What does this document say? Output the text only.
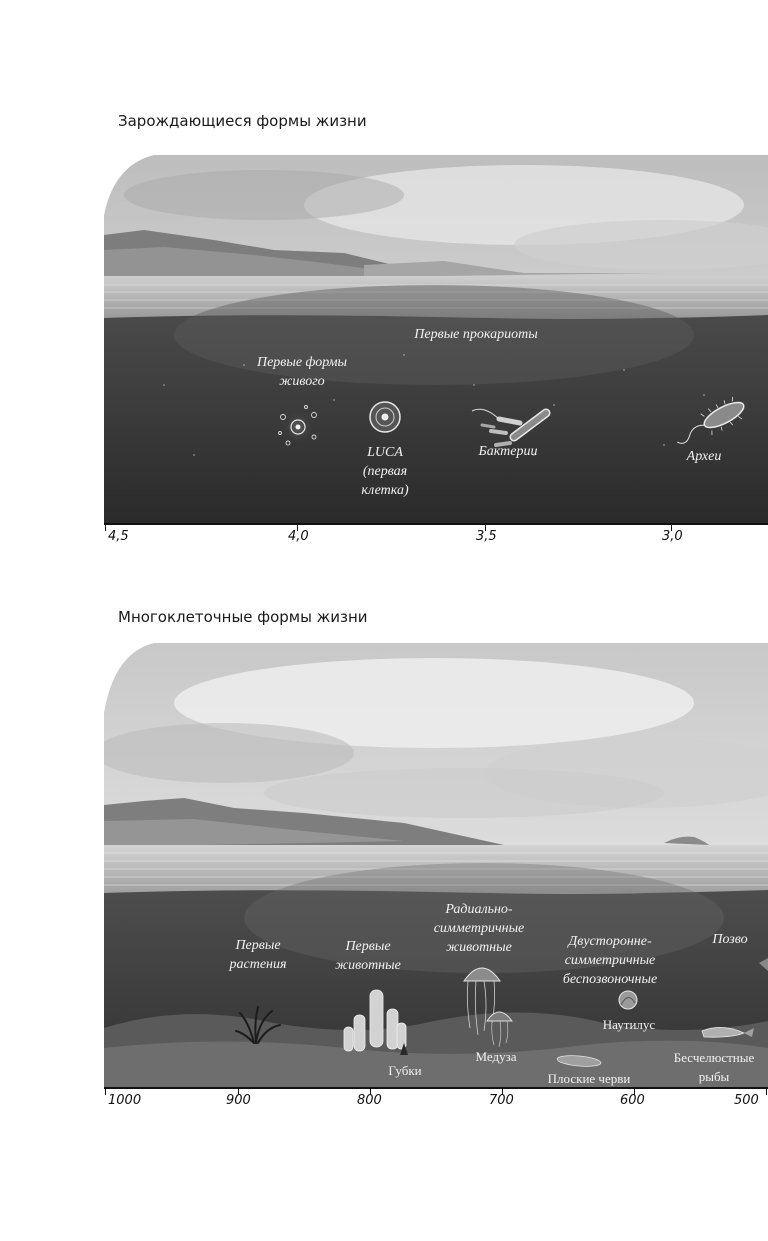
Зарождающиеся формы жизни
Первые прокариоты
Первые формы
живого
LUCA
(первая
клетка)
Бактерии	Археи
4,5	4,0	3,5	3,0
Многоклеточные формы жизни
Первые
растения
Первые
животные
Радиально-
симметричные
животные	Двусторонне-
симметричные
беспозвоночные
Позво
Губки
Медуза
Плоские черви
Наутилус
Бесчелюстные
рыбы
1000	900	800	700	600	500
